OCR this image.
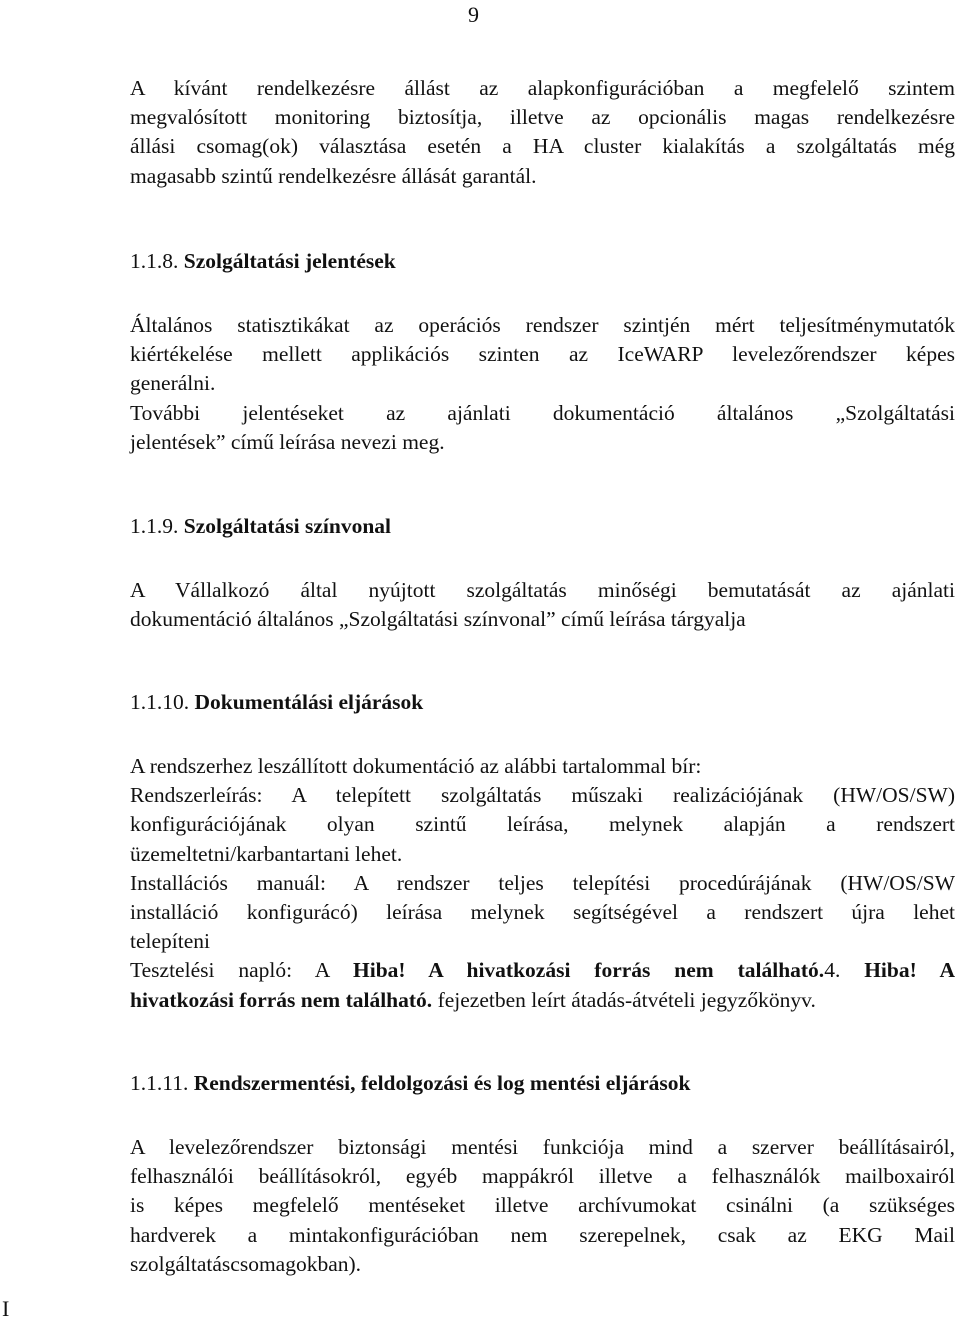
9
A kívánt rendelkezésre állást az alapkonfigurációban a megfelelő szintem
megvalósított monitoring biztosítja, illetve az opcionális magas rendelkezésre
állási csomag(ok) választása esetén a HA cluster kialakítás a szolgáltatás még
magasabb szintű rendelkezésre állását garantál.
1.1.8. Szolgáltatási jelentések
Általános statisztikákat az operációs rendszer szintjén mért teljesítménymutatók
kiértékelése mellett applikációs szinten az IceWARP levelezőrendszer képes
generálni.
További jelentéseket az ajánlati dokumentáció általános „Szolgáltatási
jelentések” című leírása nevezi meg.
1.1.9. Szolgáltatási színvonal
A Vállalkozó által nyújtott szolgáltatás minőségi bemutatását az ajánlati
dokumentáció általános „Szolgáltatási színvonal” című leírása tárgyalja
1.1.10. Dokumentálási eljárások
A rendszerhez leszállított dokumentáció az alábbi tartalommal bír:
Rendszerleírás: A telepített szolgáltatás műszaki realizációjának (HW/OS/SW)
konfigurációjának olyan szintű leírása, melynek alapján a rendszert
üzemeltetni/karbantartani lehet.
Installációs manuál: A rendszer teljes telepítési procedúrájának (HW/OS/SW
installáció konfigurácó) leírása melynek segítségével a rendszert újra lehet
telepíteni
Tesztelési napló: A Hiba! A hivatkozási forrás nem található.4. Hiba! A
hivatkozási forrás nem található. fejezetben leírt átadás-átvételi jegyzőkönyv.
1.1.11. Rendszermentési, feldolgozási és log mentési eljárások
A levelezőrendszer biztonsági mentési funkciója mind a szerver beállításairól,
felhasználói beállításokról, egyéb mappákról illetve a felhasználók mailboxairól
is képes megfelelő mentéseket illetve archívumokat csinálni (a szükséges
hardverek a mintakonfigurációban nem szerepelnek, csak az EKG Mail
szolgáltatáscsomagokban).
I
